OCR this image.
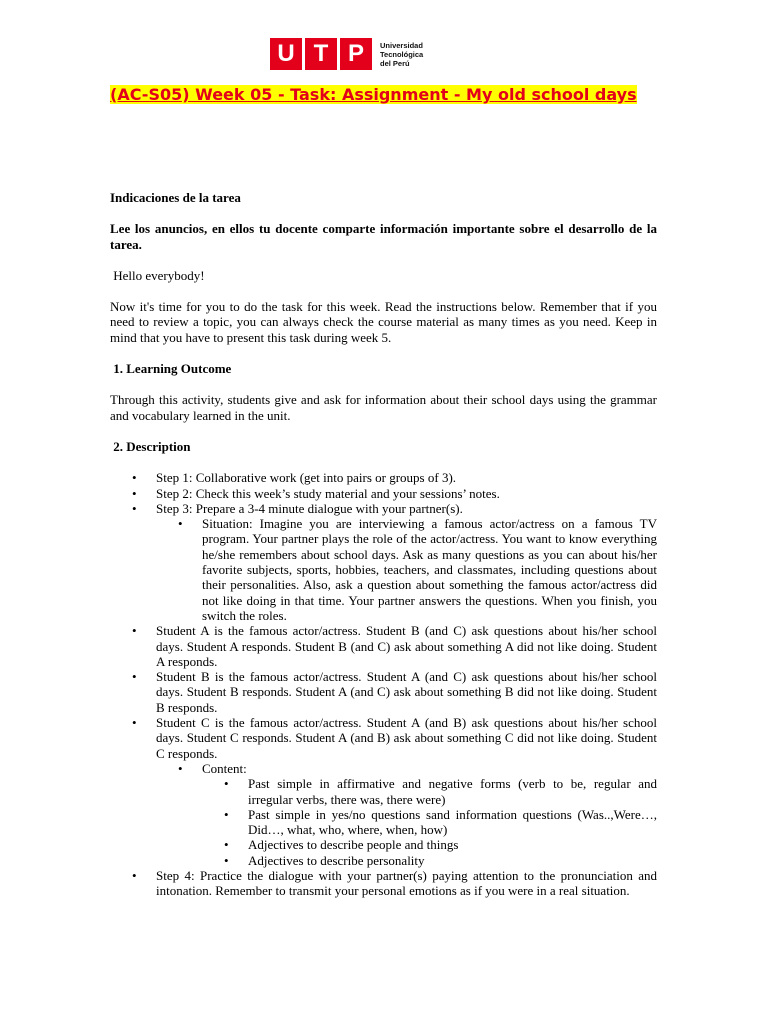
U T P	Universidad
Tecnológica
del Perú
(AC-S05) Week 05 - Task: Assignment - My old school days

Indicaciones de la tarea

Lee los anuncios, en ellos tu docente comparte información importante sobre el desarrollo de la tarea.

Hello everybody!

Now it's time for you to do the task for this week. Read the instructions below. Remember that if you need to review a topic, you can always check the course material as many times as you need. Keep in mind that you have to present this task during week 5.

1. Learning Outcome

Through this activity, students give and ask for information about their school days using the grammar and vocabulary learned in the unit.

2. Description

• Step 1: Collaborative work (get into pairs or groups of 3).
• Step 2: Check this week’s study material and your sessions’ notes.
• Step 3: Prepare a 3-4 minute dialogue with your partner(s).
• Situation: Imagine you are interviewing a famous actor/actress on a famous TV program. Your partner plays the role of the actor/actress. You want to know everything he/she remembers about school days. Ask as many questions as you can about his/her favorite subjects, sports, hobbies, teachers, and classmates, including questions about their personalities. Also, ask a question about something the famous actor/actress did not like doing in that time. Your partner answers the questions. When you finish, you switch the roles.
• Student A is the famous actor/actress. Student B (and C) ask questions about his/her school days. Student A responds. Student B (and C) ask about something A did not like doing. Student A responds.
• Student B is the famous actor/actress. Student A (and C) ask questions about his/her school days. Student B responds. Student A (and C) ask about something B did not like doing. Student B responds.
• Student C is the famous actor/actress. Student A (and B) ask questions about his/her school days. Student C responds. Student A (and B) ask about something C did not like doing. Student C responds.
• Content:
• Past simple in affirmative and negative forms (verb to be, regular and irregular verbs, there was, there were)
• Past simple in yes/no questions sand information questions (Was..,Were…, Did…, what, who, where, when, how)
• Adjectives to describe people and things
• Adjectives to describe personality
• Step 4: Practice the dialogue with your partner(s) paying attention to the pronunciation and intonation. Remember to transmit your personal emotions as if you were in a real situation.
